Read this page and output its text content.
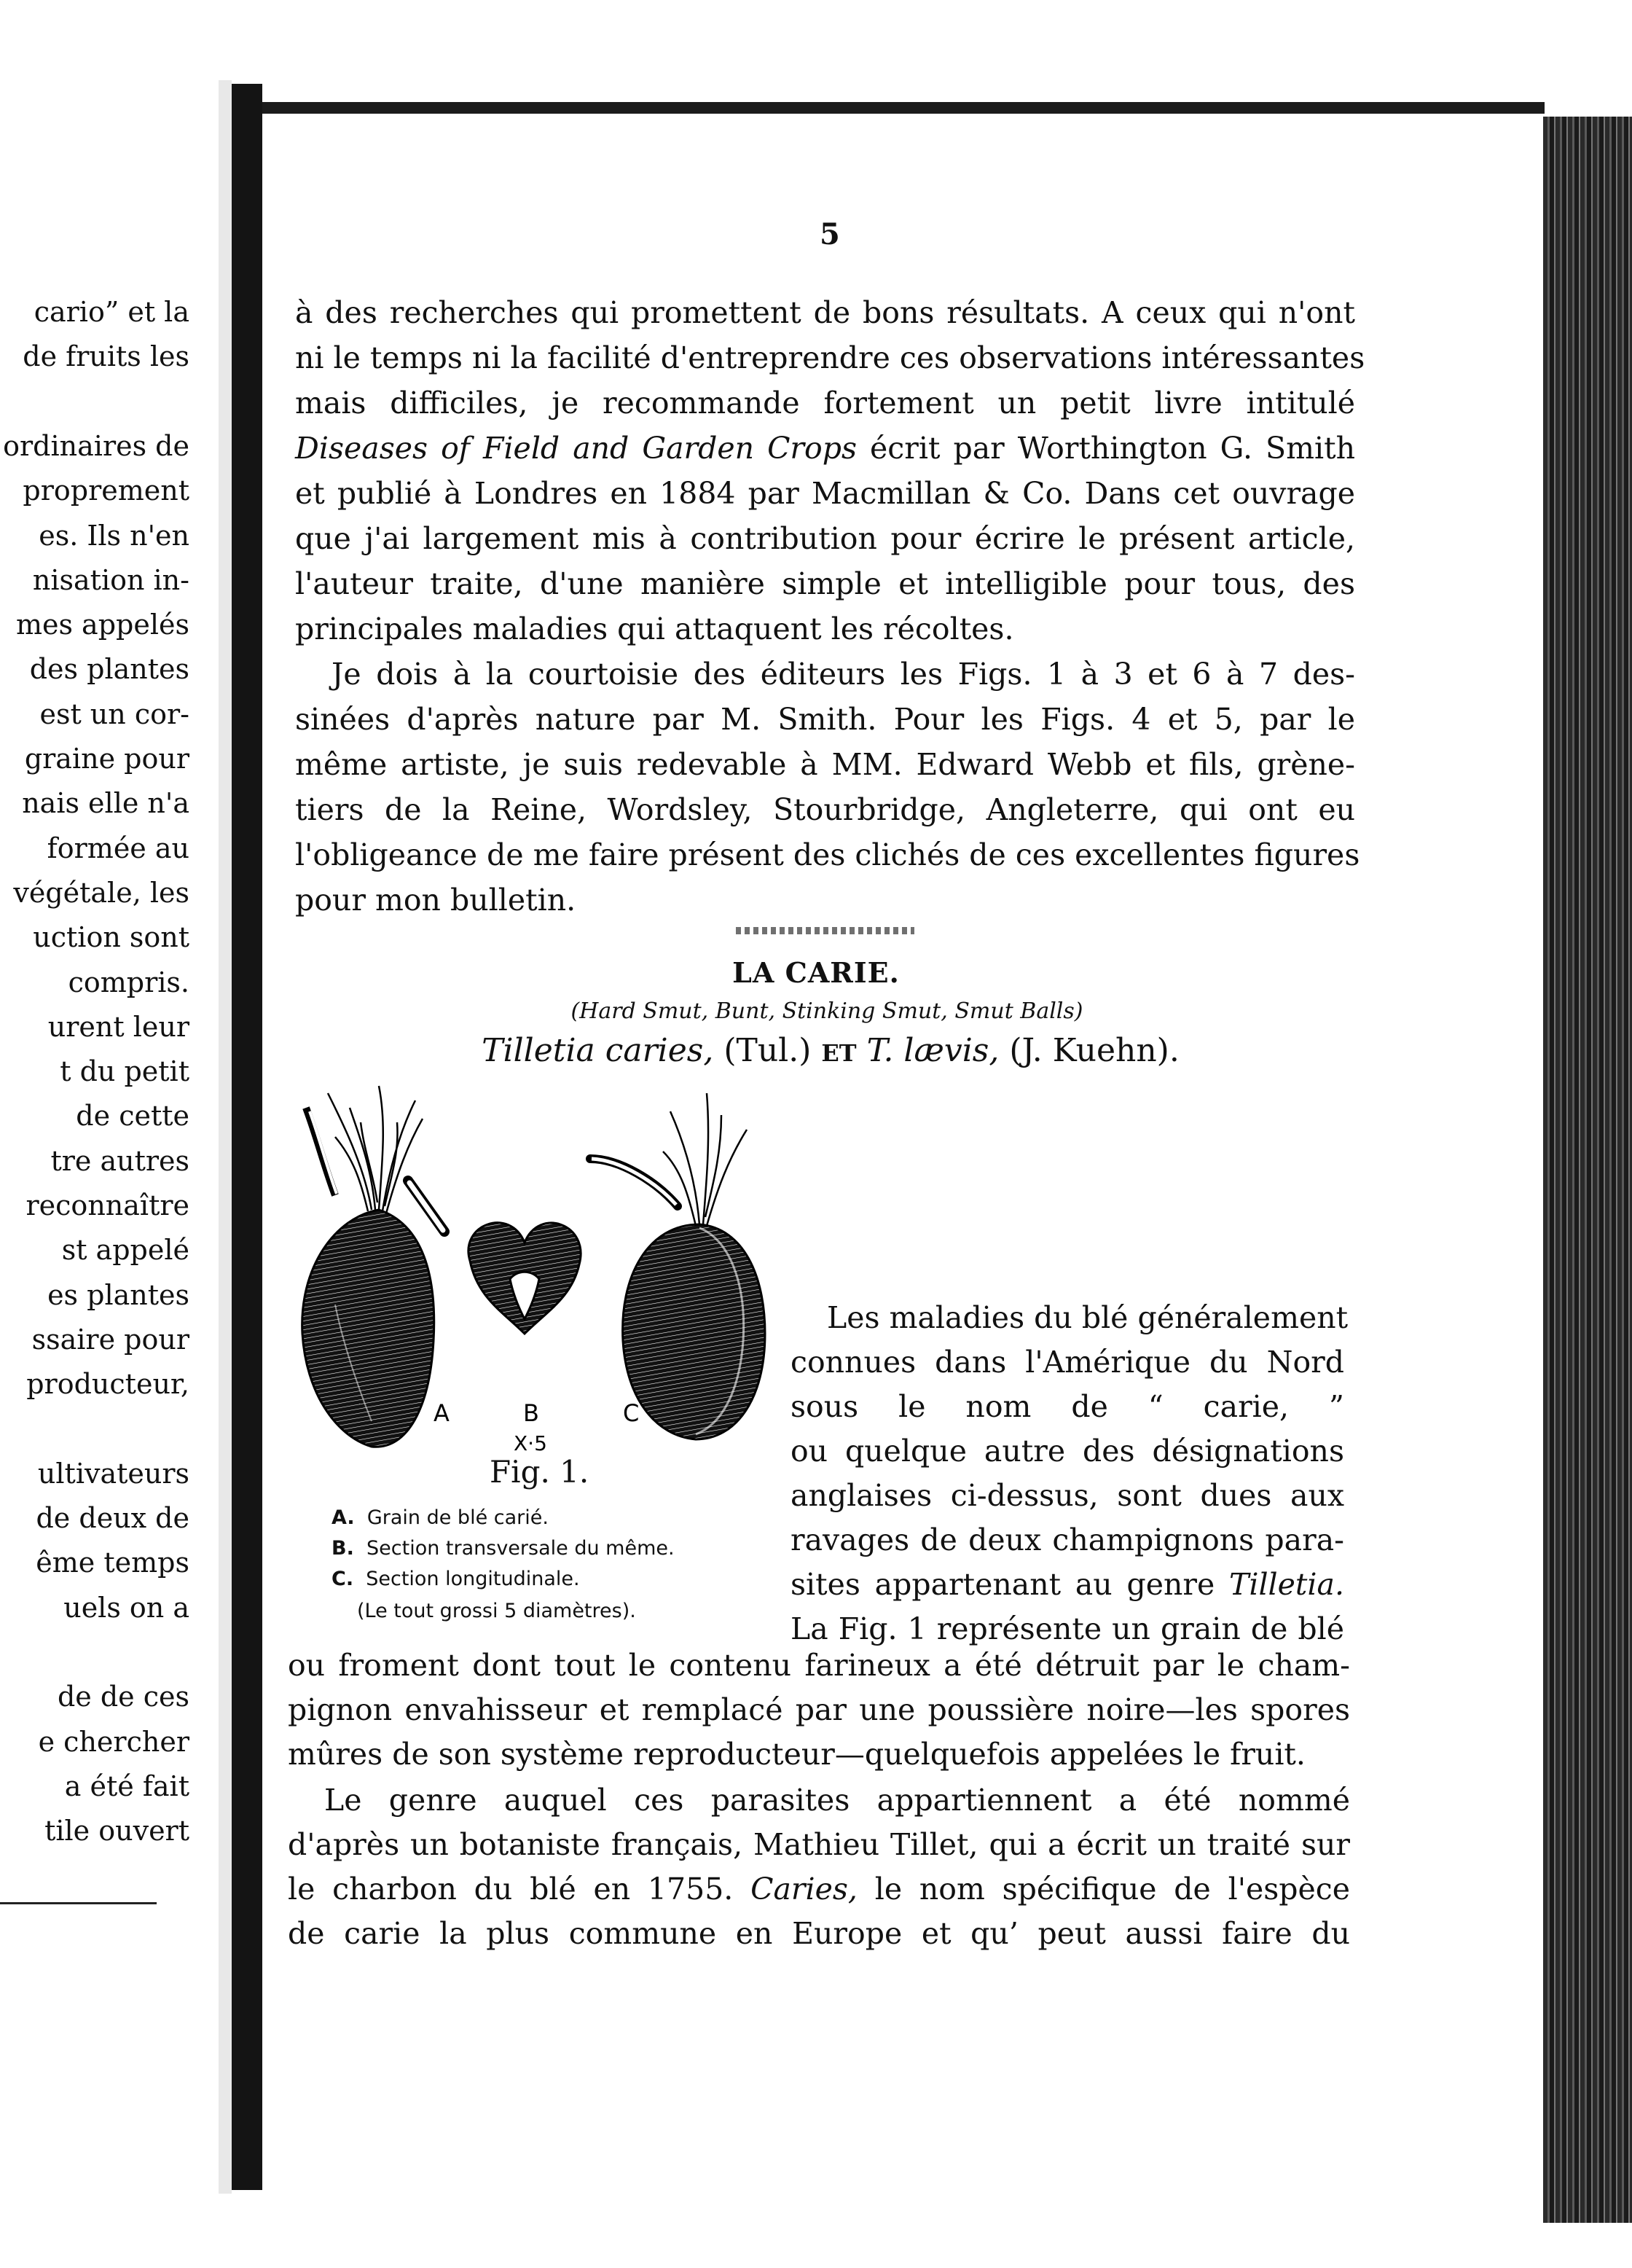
cario” et la
de fruits les
ordinaires de
proprement
es. Ils n'en
nisation in-
mes appelés
des plantes
est un cor-
graine pour
nais elle n'a
formée au
végétale, les
uction sont
compris.
urent leur
t du petit
de cette
tre autres
reconnaître
st appelé
es plantes
ssaire pour
producteur,
ultivateurs
de deux de
ême temps
uels on a
de de ces
e chercher
a été fait
tile ouvert
5
à des recherches qui promettent de bons résultats. A ceux qui n'ont
ni le temps ni la facilité d'entreprendre ces observations intéressantes
mais difficiles, je recommande fortement un petit livre intitulé
Diseases of Field and Garden Crops écrit par Worthington G. Smith
et publié à Londres en 1884 par Macmillan & Co. Dans cet ouvrage
que j'ai largement mis à contribution pour écrire le présent article,
l'auteur traite, d'une manière simple et intelligible pour tous, des
principales maladies qui attaquent les récoltes.
Je dois à la courtoisie des éditeurs les Figs. 1 à 3 et 6 à 7 des-
sinées d'après nature par M. Smith. Pour les Figs. 4 et 5, par le
même artiste, je suis redevable à MM. Edward Webb et fils, grène-
tiers de la Reine, Wordsley, Stourbridge, Angleterre, qui ont eu
l'obligeance de me faire présent des clichés de ces excellentes figures
pour mon bulletin.
LA CARIE.
(Hard Smut, Bunt, Stinking Smut, Smut Balls)
Tilletia caries, (Tul.) ET T. lævis, (J. Kuehn).
A	B	C
X·5
Fig. 1.
A. Grain de blé carié.
B. Section transversale du même.
C. Section longitudinale.
(Le tout grossi 5 diamètres).
Les maladies du blé généralement
connues dans l'Amérique du Nord
sous le nom de “ carie, ”
ou quelque autre des désignations
anglaises ci-dessus, sont dues aux
ravages de deux champignons para-
sites appartenant au genre Tilletia.
La Fig. 1 représente un grain de blé
ou froment dont tout le contenu farineux a été détruit par le cham-
pignon envahisseur et remplacé par une poussière noire—les spores
mûres de son système reproducteur—quelquefois appelées le fruit.
Le genre auquel ces parasites appartiennent a été nommé
d'après un botaniste français, Mathieu Tillet, qui a écrit un traité sur
le charbon du blé en 1755. Caries, le nom spécifique de l'espèce
de carie la plus commune en Europe et qu’ peut aussi faire du
